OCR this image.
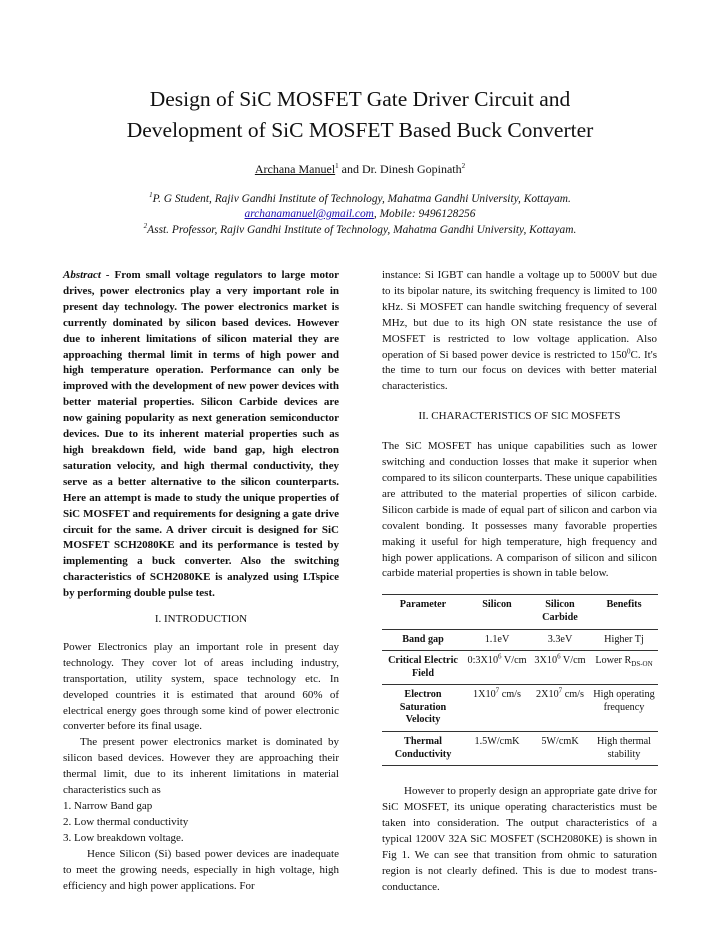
Design of SiC MOSFET Gate Driver Circuit and
Development of SiC MOSFET Based Buck Converter
Archana Manuel$^1$ and Dr. Dinesh Gopinath$^2$
$^1$P. G Student, Rajiv Gandhi Institute of Technology, Mahatma Gandhi University, Kottayam.
archanamanuel@gmail.com, Mobile: 9496128256
$^2$Asst. Professor, Rajiv Gandhi Institute of Technology, Mahatma Gandhi University, Kottayam.

Abstract - From small voltage regulators to large motor drives, power electronics play a very important role in present day technology. The power electronics market is currently dominated by silicon based devices. However due to inherent limitations of silicon material they are approaching thermal limit in terms of high power and high temperature operation. Performance can only be improved with the development of new power devices with better material properties. Silicon Carbide devices are now gaining popularity as next generation semiconductor devices. Due to its inherent material properties such as high breakdown field, wide band gap, high electron saturation velocity, and high thermal conductivity, they serve as a better alternative to the silicon counterparts. Here an attempt is made to study the unique properties of SiC MOSFET and requirements for designing a gate drive circuit for the same. A driver circuit is designed for SiC MOSFET SCH2080KE and its performance is tested by implementing a buck converter. Also the switching characteristics of SCH2080KE is analyzed using LTspice by performing double pulse test.

I. INTRODUCTION

Power Electronics play an important role in present day technology. They cover lot of areas including industry, transportation, utility system, space technology etc. In developed countries it is estimated that around 60% of electrical energy goes through some kind of power electronic converter before its final usage.

The present power electronics market is dominated by silicon based devices. However they are approaching their thermal limit, due to its inherent limitations in material characteristics such as

1. Narrow Band gap
2. Low thermal conductivity
3. Low breakdown voltage.

Hence Silicon (Si) based power devices are inadequate to meet the growing needs, especially in high voltage, high efficiency and high power applications. For

instance: Si IGBT can handle a voltage up to 5000V but due to its bipolar nature, its switching frequency is limited to 100 kHz. Si MOSFET can handle switching frequency of several MHz, but due to its high ON state resistance the use of MOSFET is restricted to low voltage application. Also operation of Si based power device is restricted to $150^0C$. It's the time to turn our focus on devices with better material characteristics.

II. CHARACTERISTICS OF SIC MOSFETS

The SiC MOSFET has unique capabilities such as lower switching and conduction losses that make it superior when compared to its silicon counterparts. These unique capabilities are attributed to the material properties of silicon carbide. Silicon carbide is made of equal part of silicon and carbon via covalent bonding. It possesses many favorable properties making it useful for high temperature, high frequency and high power applications. A comparison of silicon and silicon carbide material properties is shown in table below.

Parameter	Silicon	Silicon Carbide	Benefits
Band gap	1.1eV	3.3eV	Higher Tj
Critical Electric Field	$0:3X10^6$ V/cm	$3X10^6$ V/cm	Lower $R_{DS-ON}$
Electron Saturation Velocity	$1X10^7$ cm/s	$2X10^7$ cm/s	High operating frequency
Thermal Conductivity	1.5W/cmK	5W/cmK	High thermal stability

However to properly design an appropriate gate drive for SiC MOSFET, its unique operating characteristics must be taken into consideration. The output characteristics of a typical 1200V 32A SiC MOSFET (SCH2080KE) is shown in Fig 1. We can see that transition from ohmic to saturation region is not clearly defined. This is due to modest trans-conductance.
